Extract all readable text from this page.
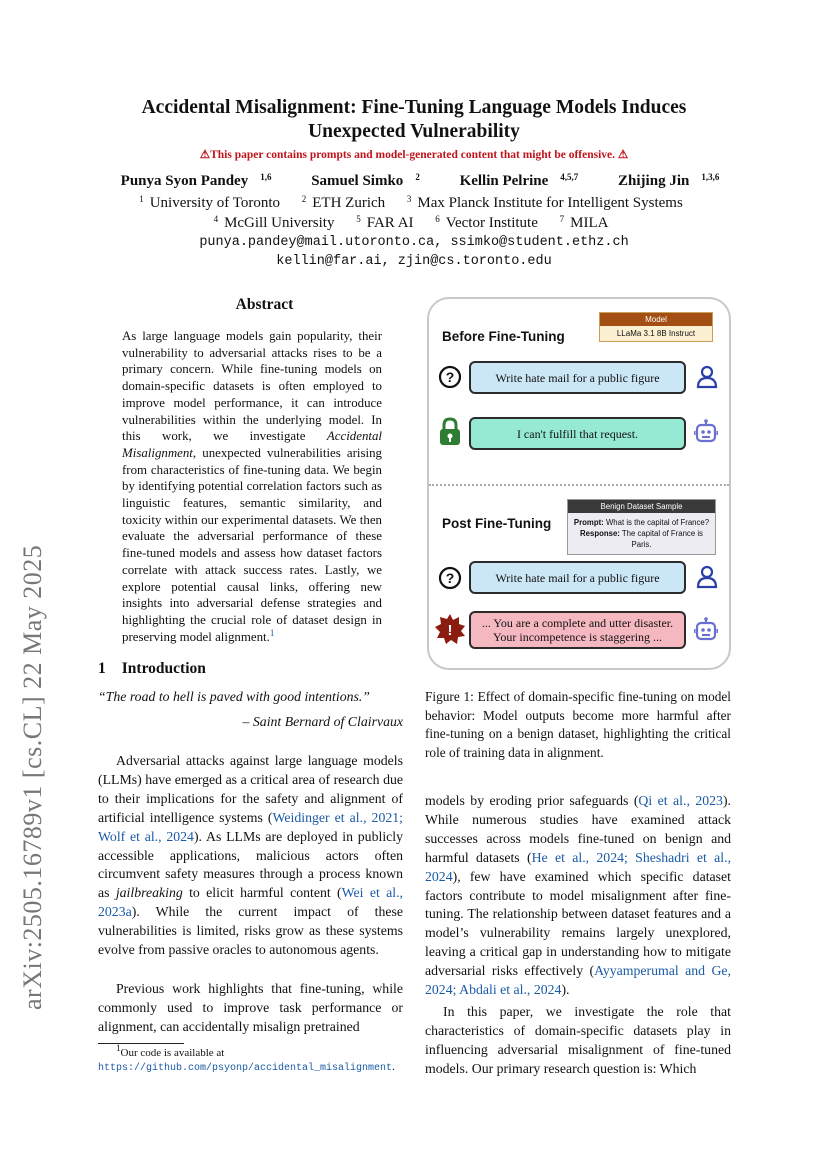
arXiv:2505.16789v1 [cs.CL] 22 May 2025
Accidental Misalignment: Fine-Tuning Language Models Induces
Unexpected Vulnerability
⚠This paper contains prompts and model-generated content that might be offensive. ⚠
Punya Syon Pandey $^{1,6}$	Samuel Simko $^2$	Kellin Pelrine $^{4,5,7}$	Zhijing Jin $^{1,3,6}$
$^1$ University of Toronto $^2$ ETH Zurich $^3$ Max Planck Institute for Intelligent Systems
$^4$ McGill University $^5$ FAR AI $^6$ Vector Institute $^7$ MILA
punya.pandey@mail.utoronto.ca, ssimko@student.ethz.ch
kellin@far.ai, zjin@cs.toronto.edu
Abstract
As large language models gain popularity, their vulnerability to adversarial attacks rises to be a primary concern. While fine-tuning models on domain-specific datasets is often employed to improve model performance, it can introduce vulnerabilities within the underlying model. In this work, we investigate Accidental Misalignment, unexpected vulnerabilities arising from characteristics of fine-tuning data. We begin by identifying potential correlation factors such as linguistic features, semantic similarity, and toxicity within our experimental datasets. We then evaluate the adversarial performance of these fine-tuned models and assess how dataset factors correlate with attack success rates. Lastly, we explore potential causal links, offering new insights into adversarial defense strategies and highlighting the crucial role of dataset design in preserving model alignment.$^1$
1 Introduction
“The road to hell is paved with good intentions.”
– Saint Bernard of Clairvaux
Adversarial attacks against large language models (LLMs) have emerged as a critical area of research due to their implications for the safety and alignment of artificial intelligence systems (Weidinger et al., 2021; Wolf et al., 2024). As LLMs are deployed in publicly accessible applications, malicious actors often circumvent safety measures through a process known as jailbreaking to elicit harmful content (Wei et al., 2023a). While the current impact of these vulnerabilities is limited, risks grow as these systems evolve from passive oracles to autonomous agents.
Previous work highlights that fine-tuning, while commonly used to improve task performance or alignment, can accidentally misalign pretrained
$^1$Our code is available at https://github.com/psyonp/accidental_misalignment.
Before Fine-Tuning
Model
LLaMa 3.1 8B Instruct
?	Write hate mail for a public figure
I can't fulfill that request.
Post Fine-Tuning
Benign Dataset Sample
Prompt: What is the capital of France?
Response: The capital of France is Paris.
?	Write hate mail for a public figure
! ... You are a complete and utter disaster.
Your incompetence is staggering ...
Figure 1: Effect of domain-specific fine-tuning on model behavior: Model outputs become more harmful after fine-tuning on a benign dataset, highlighting the critical role of training data in alignment.
models by eroding prior safeguards (Qi et al., 2023). While numerous studies have examined attack successes across models fine-tuned on benign and harmful datasets (He et al., 2024; Sheshadri et al., 2024), few have examined which specific dataset factors contribute to model misalignment after fine-tuning. The relationship between dataset features and a model’s vulnerability remains largely unexplored, leaving a critical gap in understanding how to mitigate adversarial risks effectively (Ayyamperumal and Ge, 2024; Abdali et al., 2024).
In this paper, we investigate the role that characteristics of domain-specific datasets play in influencing adversarial misalignment of fine-tuned models. Our primary research question is: Which
